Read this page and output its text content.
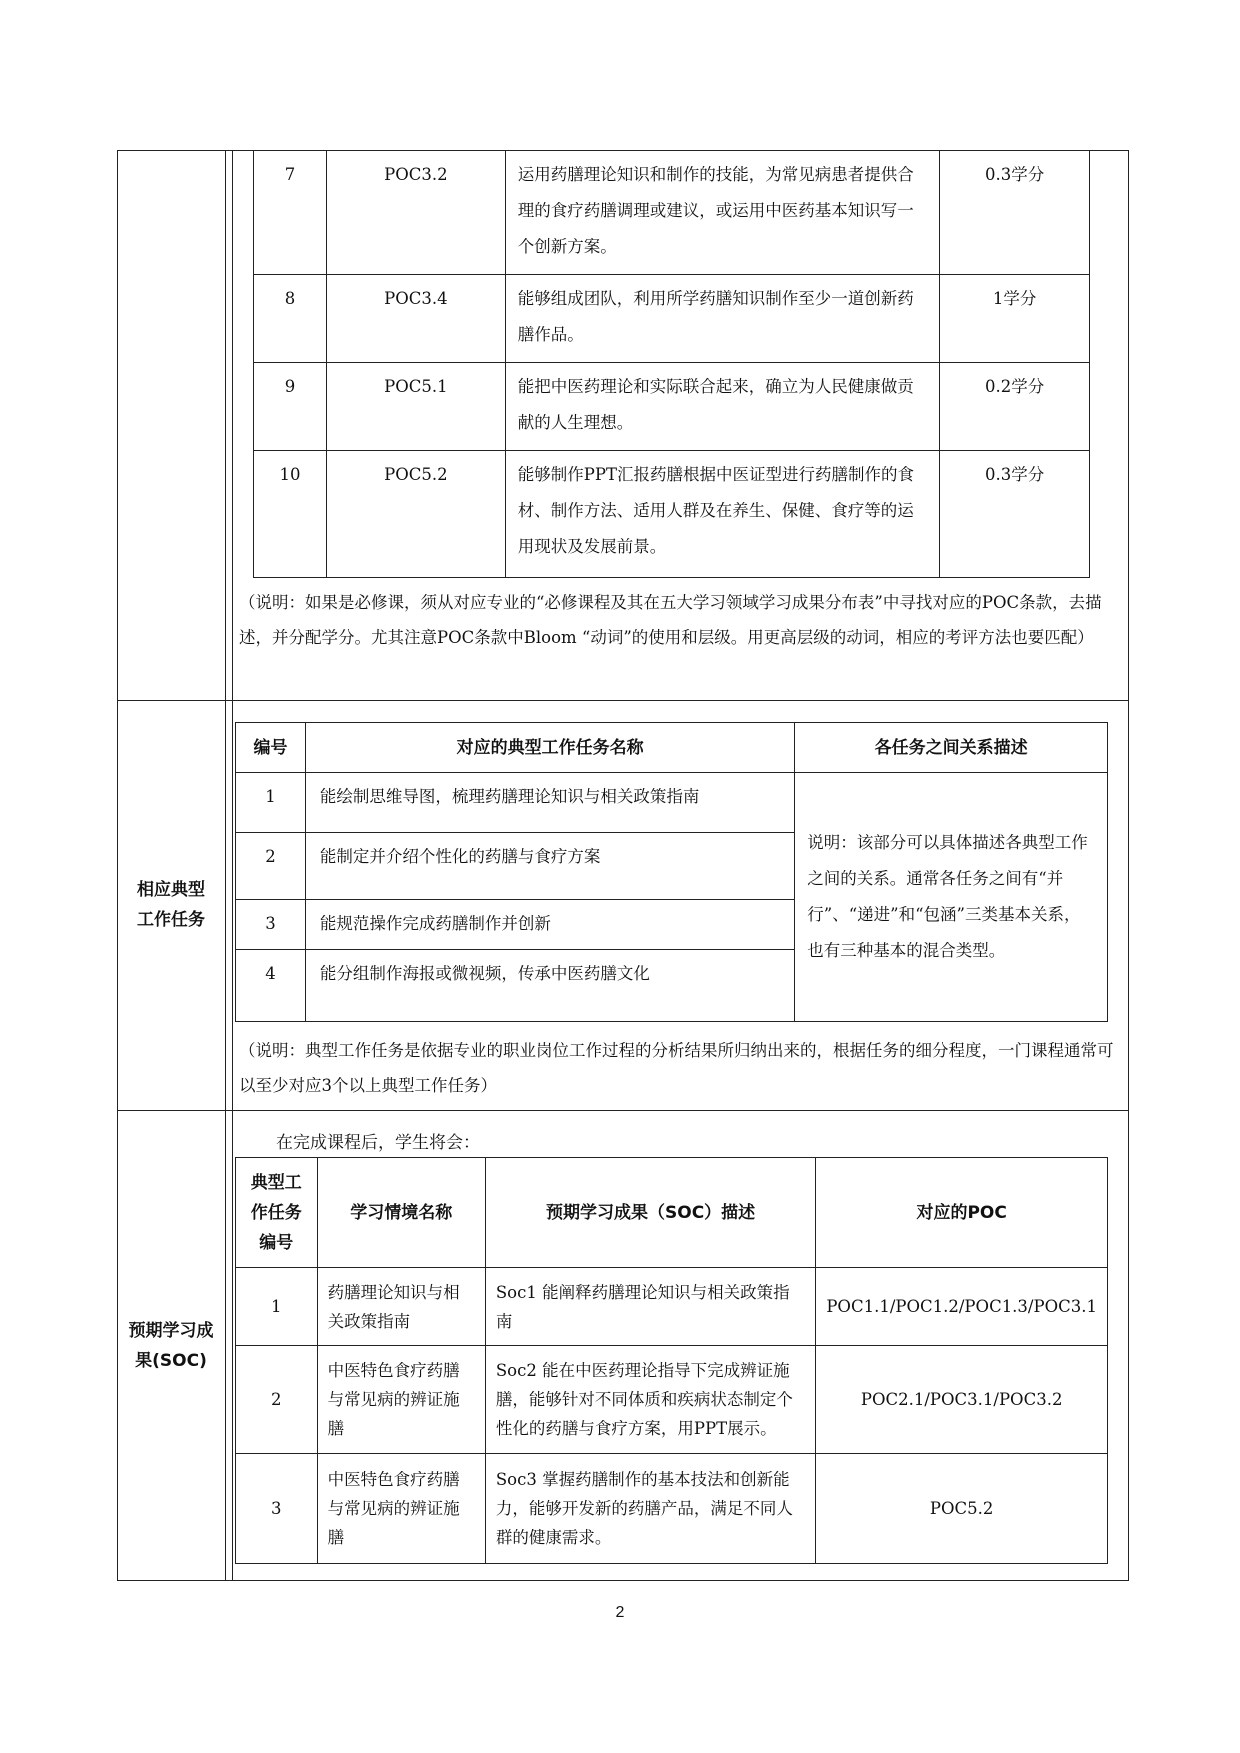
相应典型工作任务
预期学习成果(SOC)
7	POC3.2	运用药膳理论知识和制作的技能，为常见病患者提供合理的食疗药膳调理或建议，或运用中医药基本知识写一个创新方案。	0.3学分
8	POC3.4	能够组成团队，利用所学药膳知识制作至少一道创新药膳作品。	1学分
9	POC5.1	能把中医药理论和实际联合起来，确立为人民健康做贡献的人生理想。	0.2学分
10	POC5.2	能够制作PPT汇报药膳根据中医证型进行药膳制作的食材、制作方法、适用人群及在养生、保健、食疗等的运用现状及发展前景。	0.3学分
（说明：如果是必修课，须从对应专业的“必修课程及其在五大学习领域学习成果分布表”中寻找对应的POC条款，去描述，并分配学分。尤其注意POC条款中Bloom “动词”的使用和层级。用更高层级的动词，相应的考评方法也要匹配）
编号	对应的典型工作任务名称	各任务之间关系描述
1	能绘制思维导图，梳理药膳理论知识与相关政策指南	说明：该部分可以具体描述各典型工作之间的关系。通常各任务之间有“并行”、“递进”和“包涵”三类基本关系，也有三种基本的混合类型。
2	能制定并介绍个性化的药膳与食疗方案	
3	能规范操作完成药膳制作并创新	
4	能分组制作海报或微视频，传承中医药膳文化	
（说明：典型工作任务是依据专业的职业岗位工作过程的分析结果所归纳出来的，根据任务的细分程度，一门课程通常可以至少对应3个以上典型工作任务）
在完成课程后，学生将会：
典型工作任务编号	学习情境名称	预期学习成果（SOC）描述	对应的POC
1	药膳理论知识与相关政策指南	Soc1 能阐释药膳理论知识与相关政策指南	POC1.1/POC1.2/POC1.3/POC3.1
2	中医特色食疗药膳与常见病的辨证施膳	Soc2 能在中医药理论指导下完成辨证施膳，能够针对不同体质和疾病状态制定个性化的药膳与食疗方案，用PPT展示。	POC2.1/POC3.1/POC3.2
3	中医特色食疗药膳与常见病的辨证施膳	Soc3 掌握药膳制作的基本技法和创新能力，能够开发新的药膳产品，满足不同人群的健康需求。	POC5.2
2
